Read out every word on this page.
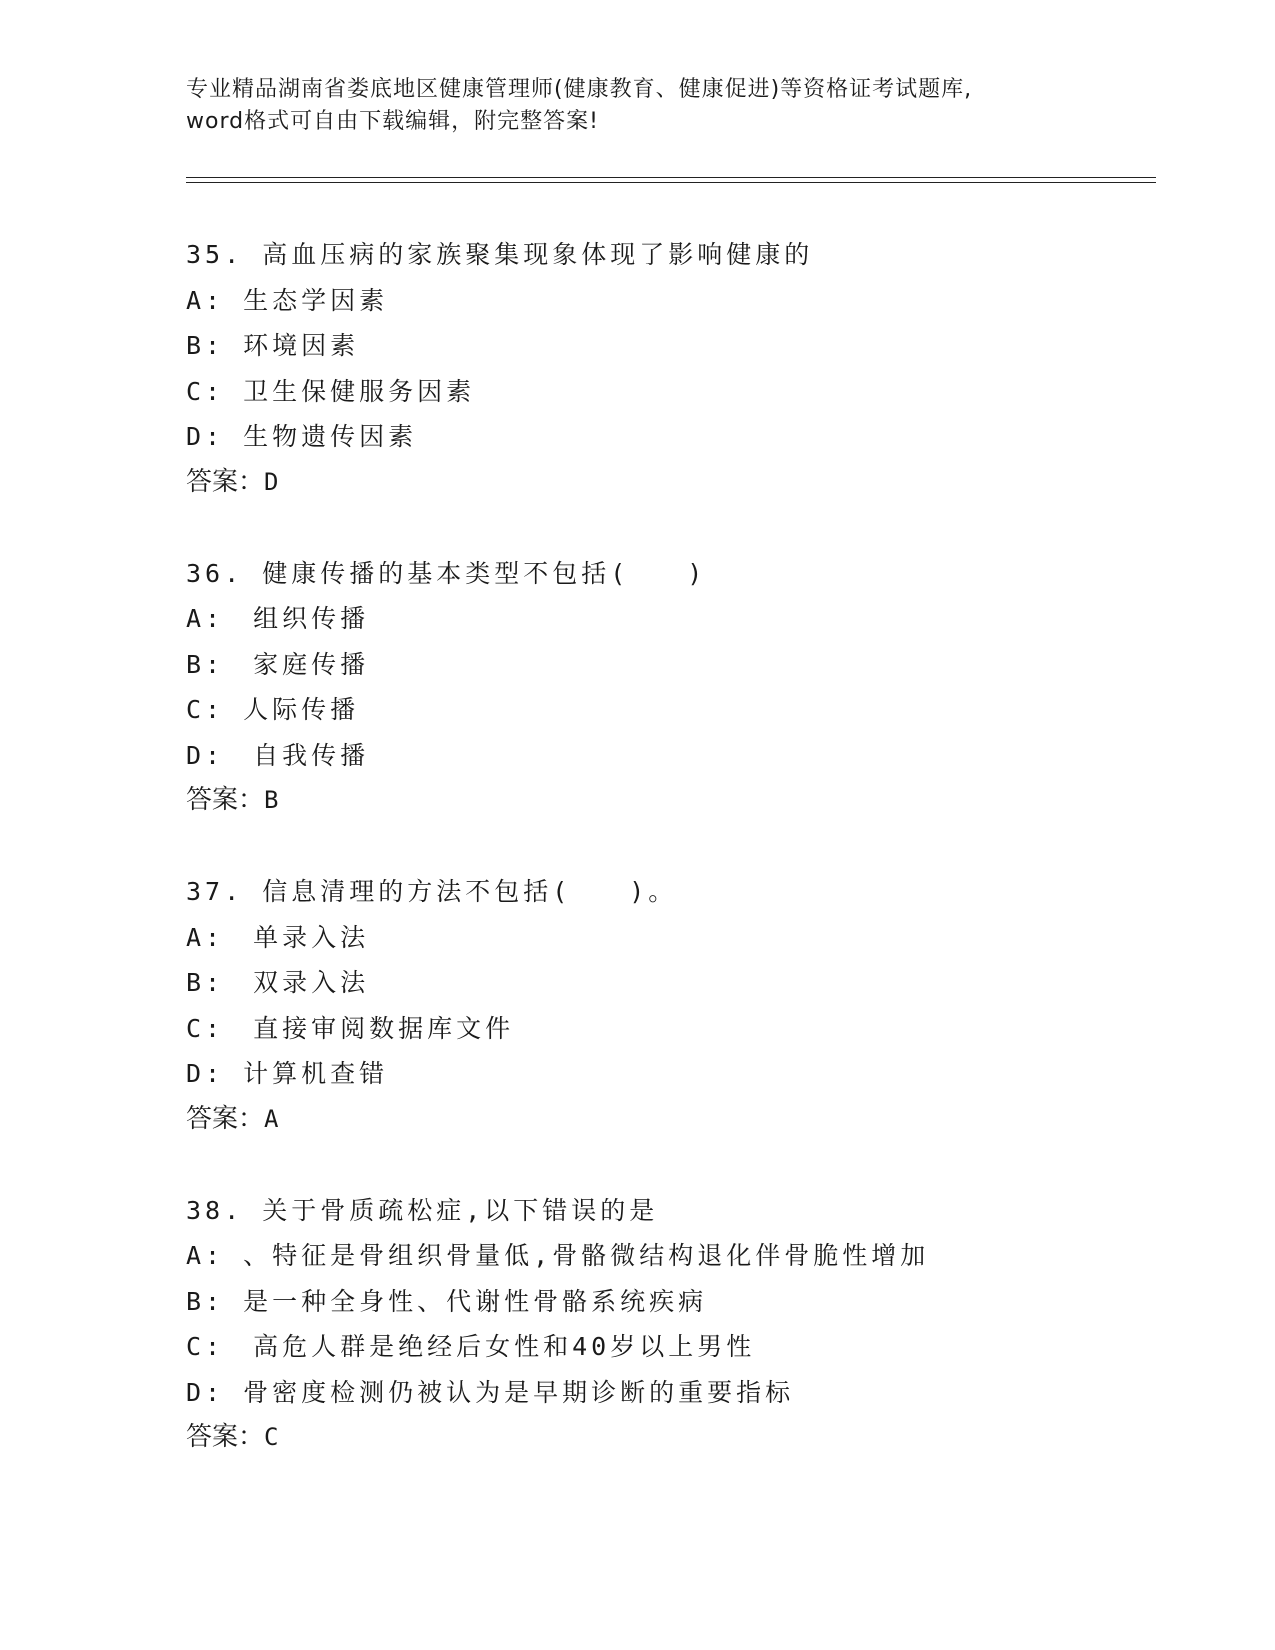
专业精品湖南省娄底地区健康管理师(健康教育、健康促进)等资格证考试题库,
word格式可自由下载编辑，附完整答案!
35. 高血压病的家族聚集现象体现了影响健康的
A: 生态学因素
B: 环境因素
C: 卫生保健服务因素
D: 生物遗传因素
答案：D
36. 健康传播的基本类型不包括(　　)
A:　组织传播
B:　家庭传播
C: 人际传播
D:　自我传播
答案：B
37. 信息清理的方法不包括(　　)。
A:　单录入法
B:　双录入法
C:　直接审阅数据库文件
D: 计算机查错
答案：A
38. 关于骨质疏松症,以下错误的是
A: 、特征是骨组织骨量低,骨骼微结构退化伴骨脆性增加
B: 是一种全身性、代谢性骨骼系统疾病
C:　高危人群是绝经后女性和40岁以上男性
D: 骨密度检测仍被认为是早期诊断的重要指标
答案：C
